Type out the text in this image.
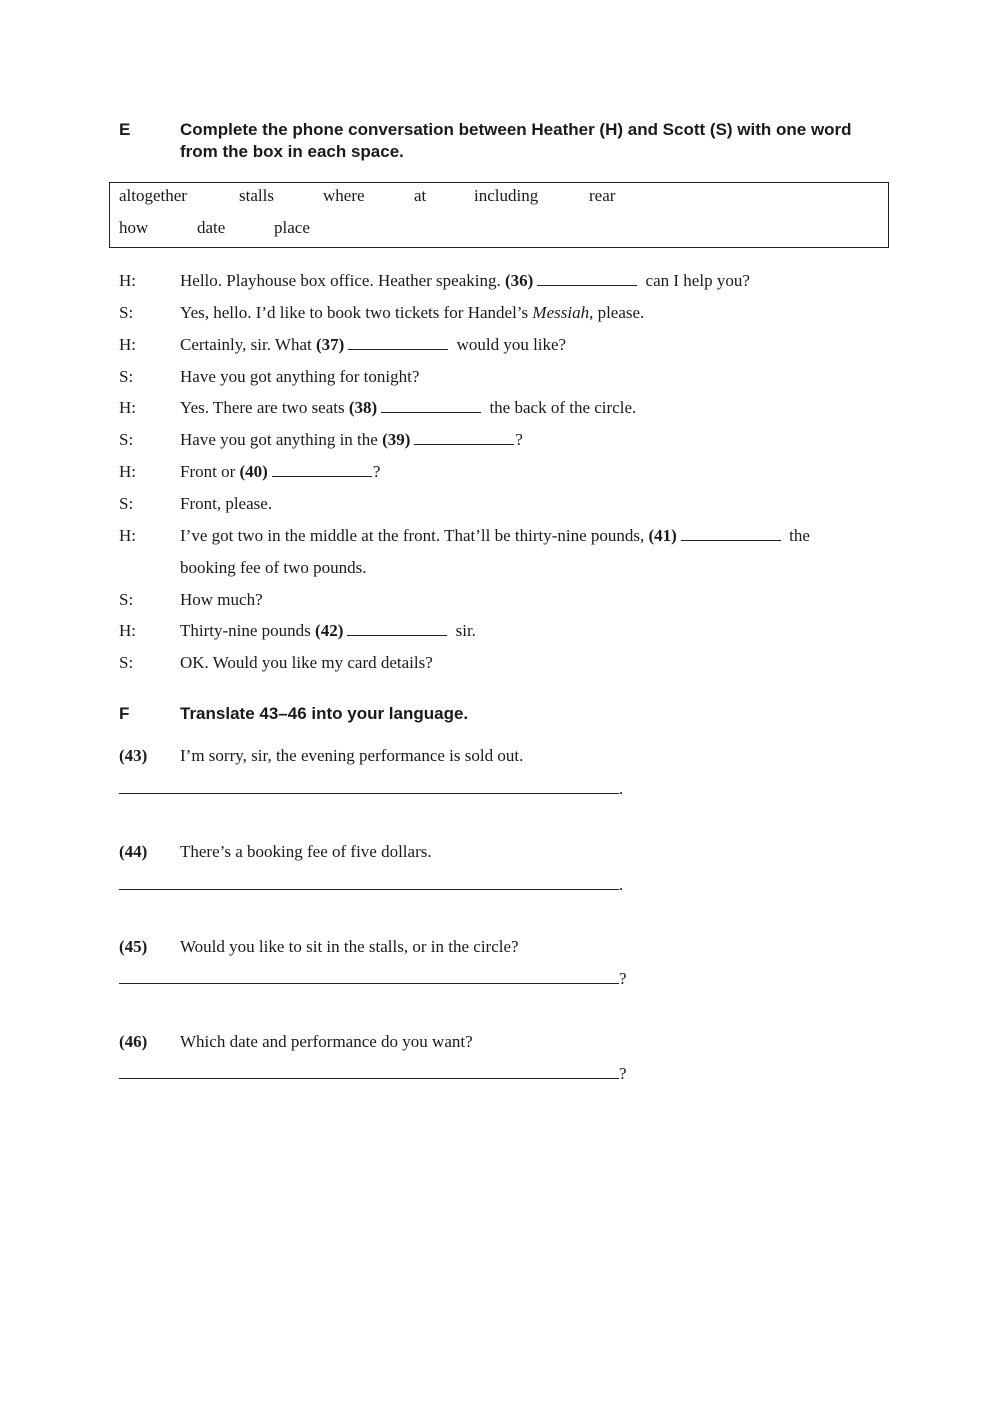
E	Complete the phone conversation between Heather (H) and Scott (S) with one word from the box in each space.
altogether	stalls	where	at	including	rear
how	date	place
H:	Hello. Playhouse box office. Heather speaking. (36)	can I help you?
S:	Yes, hello. I’d like to book two tickets for Handel’s Messiah, please.
H:	Certainly, sir. What (37)	would you like?
S:	Have you got anything for tonight?
H:	Yes. There are two seats (38)	the back of the circle.
S:	Have you got anything in the (39)	?
H:	Front or (40)	?
S:	Front, please.
H:	I’ve got two in the middle at the front. That’ll be thirty-nine pounds, (41)	the
booking fee of two pounds.
S:	How much?
H:	Thirty-nine pounds (42)	sir.
S:	OK. Would you like my card details?
F	Translate 43–46 into your language.
(43) I’m sorry, sir, the evening performance is sold out.
.
(44) There’s a booking fee of five dollars.
.
(45) Would you like to sit in the stalls, or in the circle?
?
(46) Which date and performance do you want?
?
